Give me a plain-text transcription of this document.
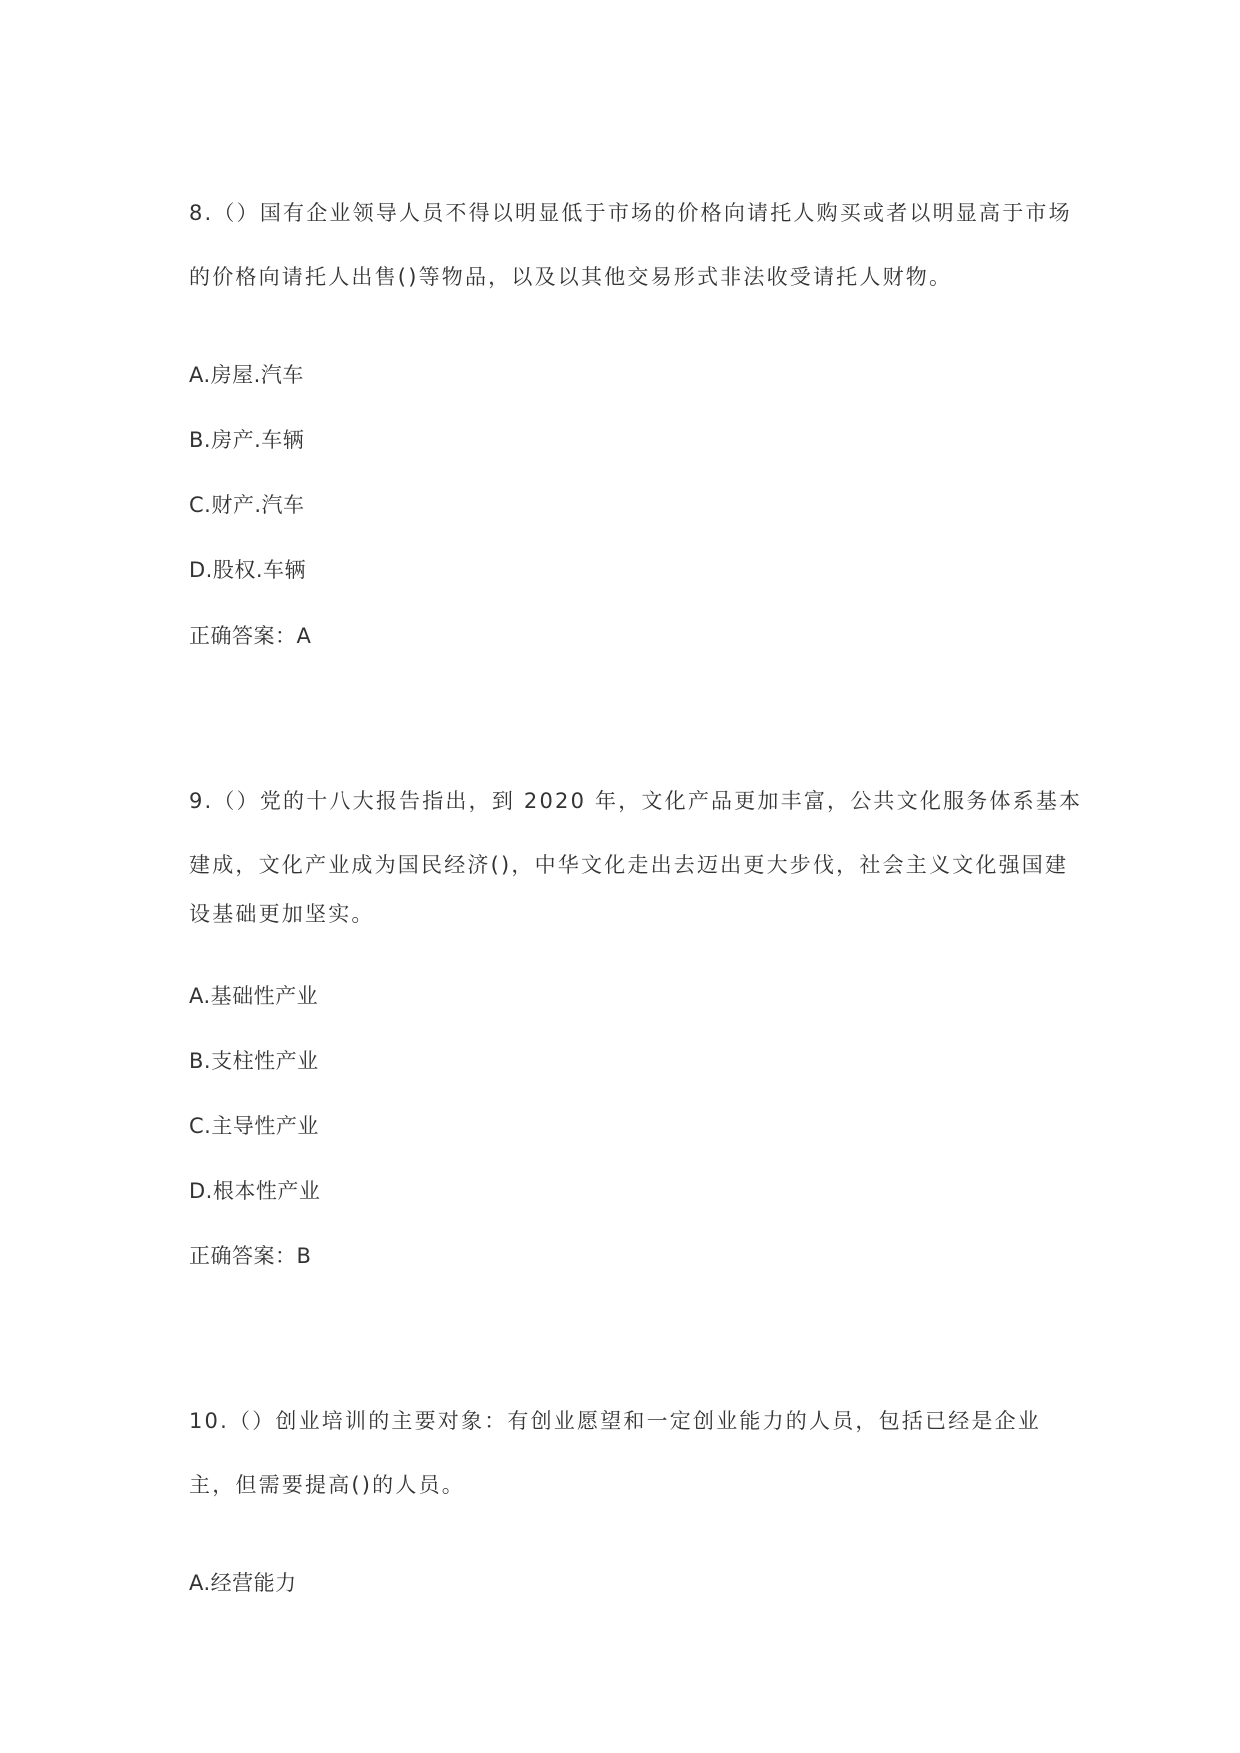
8.（）国有企业领导人员不得以明显低于市场的价格向请托人购买或者以明显高于市场
的价格向请托人出售()等物品，以及以其他交易形式非法收受请托人财物。
A.房屋.汽车
B.房产.车辆
C.财产.汽车
D.股权.车辆
正确答案：A
9.（）党的十八大报告指出，到 2020 年，文化产品更加丰富，公共文化服务体系基本
建成，文化产业成为国民经济()，中华文化走出去迈出更大步伐，社会主义文化强国建
设基础更加坚实。
A.基础性产业
B.支柱性产业
C.主导性产业
D.根本性产业
正确答案：B
10.（）创业培训的主要对象：有创业愿望和一定创业能力的人员，包括已经是企业
主，但需要提高()的人员。
A.经营能力
